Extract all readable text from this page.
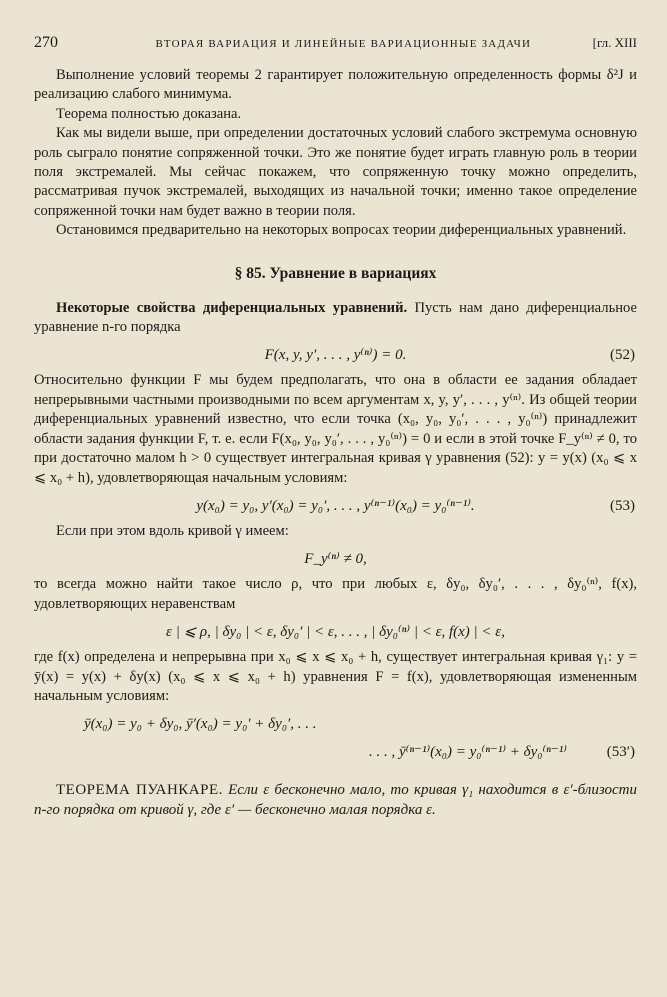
270	ВТОРАЯ ВАРИАЦИЯ И ЛИНЕЙНЫЕ ВАРИАЦИОННЫЕ ЗАДАЧИ	[гл. XIII

Выполнение условий теоремы 2 гарантирует положительную определенность формы δ²J и реализацию слабого минимума.

Теорема полностью доказана.

Как мы видели выше, при определении достаточных условий слабого экстремума основную роль сыграло понятие сопряженной точки. Это же понятие будет играть главную роль в теории поля экстремалей. Мы сейчас покажем, что сопряженную точку можно определить, рассматривая пучок экстремалей, выходящих из начальной точки; именно такое определение сопряженной точки нам будет важно в теории поля.

Остановимся предварительно на некоторых вопросах теории диференциальных уравнений.

§ 85. Уравнение в вариациях

Некоторые свойства диференциальных уравнений. Пусть нам дано диференциальное уравнение n-го порядка

F(x, y, y′, . . . , y⁽ⁿ⁾) = 0.	(52)

Относительно функции F мы будем предполагать, что она в области ее задания обладает непрерывными частными производными по всем аргументам x, y, y′, . . . , y⁽ⁿ⁾. Из общей теории диференциальных уравнений известно, что если точка (x₀, y₀, y₀′, . . . , y₀⁽ⁿ⁾) принадлежит области задания функции F, т. е. если F(x₀, y₀, y₀′, . . . , y₀⁽ⁿ⁾) = 0 и если в этой точке F_y⁽ⁿ⁾ ≠ 0, то при достаточно малом h > 0 существует интегральная кривая γ уравнения (52): y = y(x) (x₀ ⩽ x ⩽ x₀ + h), удовлетворяющая начальным условиям:

y(x₀) = y₀, y′(x₀) = y₀′, . . . , y⁽ⁿ⁻¹⁾(x₀) = y₀⁽ⁿ⁻¹⁾.	(53)

Если при этом вдоль кривой γ имеем:

F_y⁽ⁿ⁾ ≠ 0,

то всегда можно найти такое число ρ, что при любых ε, δy₀, δy₀′, . . . , δy₀⁽ⁿ⁾, f(x), удовлетворяющих неравенствам

ε | ⩽ ρ, | δy₀ | < ε, δy₀′ | < ε, . . . , | δy₀⁽ⁿ⁾ | < ε, f(x) | < ε,

где f(x) определена и непрерывна при x₀ ⩽ x ⩽ x₀ + h, существует интегральная кривая γ₁: y = ȳ(x) = y(x) + δy(x) (x₀ ⩽ x ⩽ x₀ + h) уравнения F = f(x), удовлетворяющая измененным начальным условиям:

ȳ(x₀) = y₀ + δy₀, ȳ′(x₀) = y₀′ + δy₀′, . . .
. . . , ȳ⁽ⁿ⁻¹⁾(x₀) = y₀⁽ⁿ⁻¹⁾ + δy₀⁽ⁿ⁻¹⁾	(53′)
ТЕОРЕМА ПУАНКАРЕ. Если ε бесконечно мало, то кривая γ₁ находится в ε′-близости n-го порядка от кривой γ, где ε′ — бесконечно малая порядка ε.
